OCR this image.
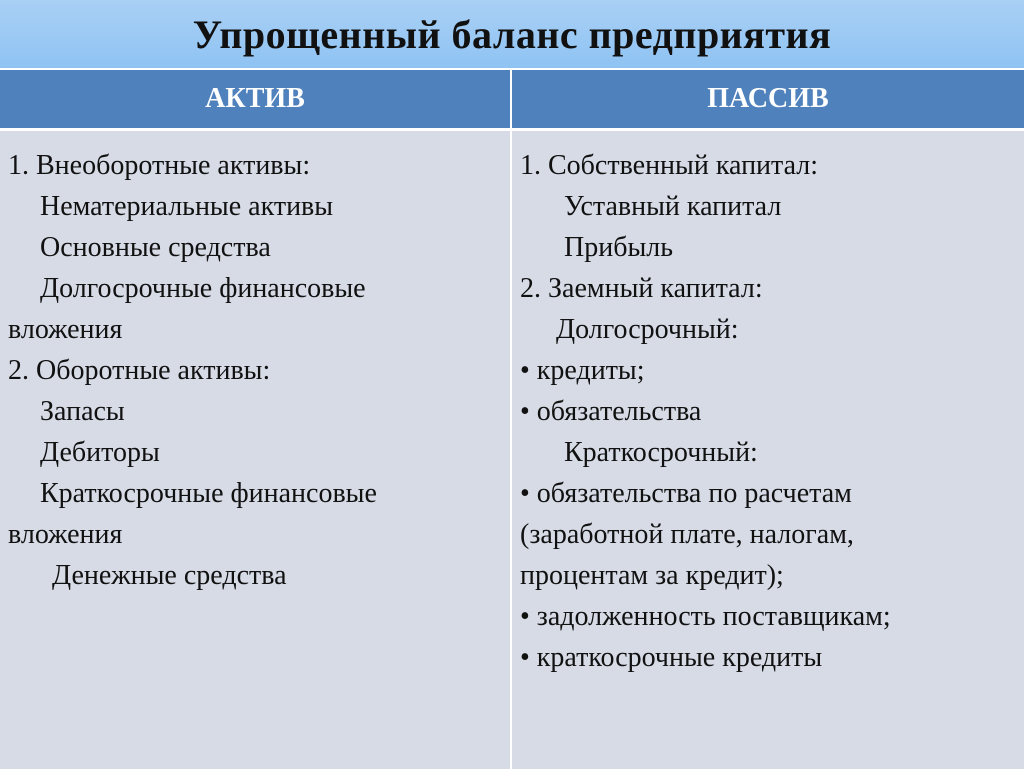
Упрощенный баланс предприятия
АКТИВ	ПАССИВ
1. Внеоборотные активы:
Нематериальные активы
Основные средства
Долгосрочные финансовые
вложения
2. Оборотные активы:
Запасы
Дебиторы
Краткосрочные финансовые
вложения
Денежные средства
1. Собственный капитал:
Уставный капитал
Прибыль
2. Заемный капитал:
Долгосрочный:
• кредиты;
• обязательства
Краткосрочный:
• обязательства по расчетам
(заработной плате, налогам,
процентам за кредит);
• задолженность поставщикам;
• краткосрочные кредиты
